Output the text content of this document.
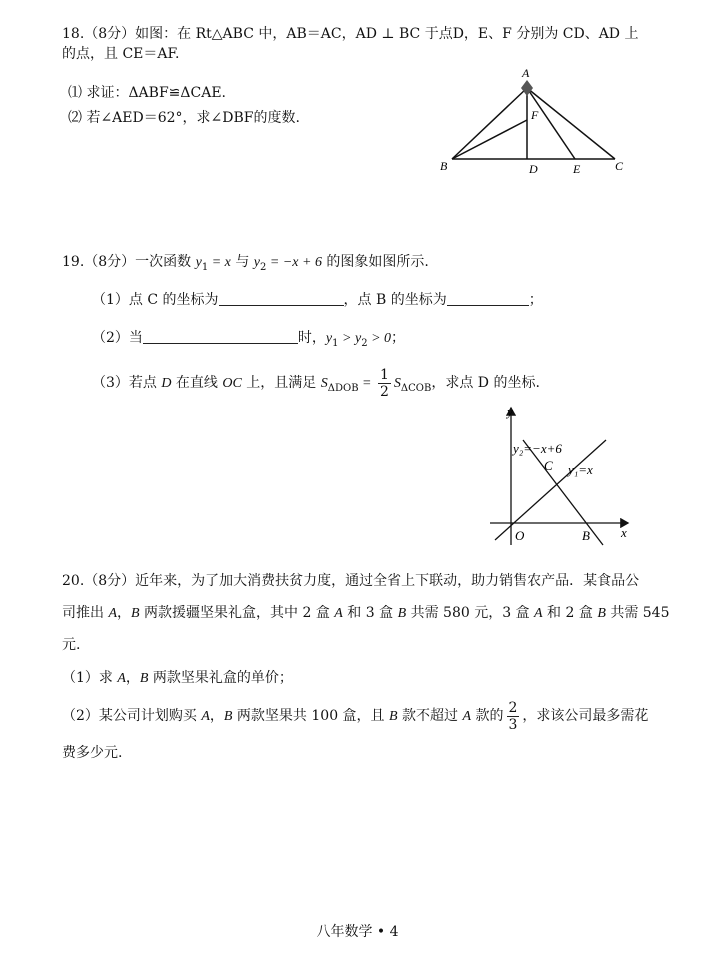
18.（8分）如图：在 Rt△ABC 中，AB＝AC，AD ⊥ BC 于点D，E、F 分别为 CD、AD 上
的点，且 CE＝AF.
⑴ 求证：ΔABF≌ΔCAE.
⑵ 若∠AED＝62°，求∠DBF的度数.
A
B	C
D	E
F
19.（8分）一次函数 $y_1 = x$ 与 $y_2 = -x + 6$ 的图象如图所示.
（1）点 C 的坐标为	，点 B 的坐标为	；
（2）当	时，$y_1 > y_2 > 0$；
（3）若点 D 在直线 OC 上，且满足 $S_{\Delta DOB} = \frac{1}{2} S_{\Delta COB}$，求点 D 的坐标.
y
x
O	B
C
y₂=−x+6
y₁=x
20.（8分）近年来，为了加大消费扶贫力度，通过全省上下联动，助力销售农产品．某食品公
司推出 A，B 两款援疆坚果礼盒，其中 2 盒 A 和 3 盒 B 共需 580 元，3 盒 A 和 2 盒 B 共需 545
元.
（1）求 A，B 两款坚果礼盒的单价；
（2）某公司计划购买 A，B 两款坚果共 100 盒，且 B 款不超过 A 款的 $\frac{2}{3}$ ，求该公司最多需花
费多少元.
八年数学 • 4
